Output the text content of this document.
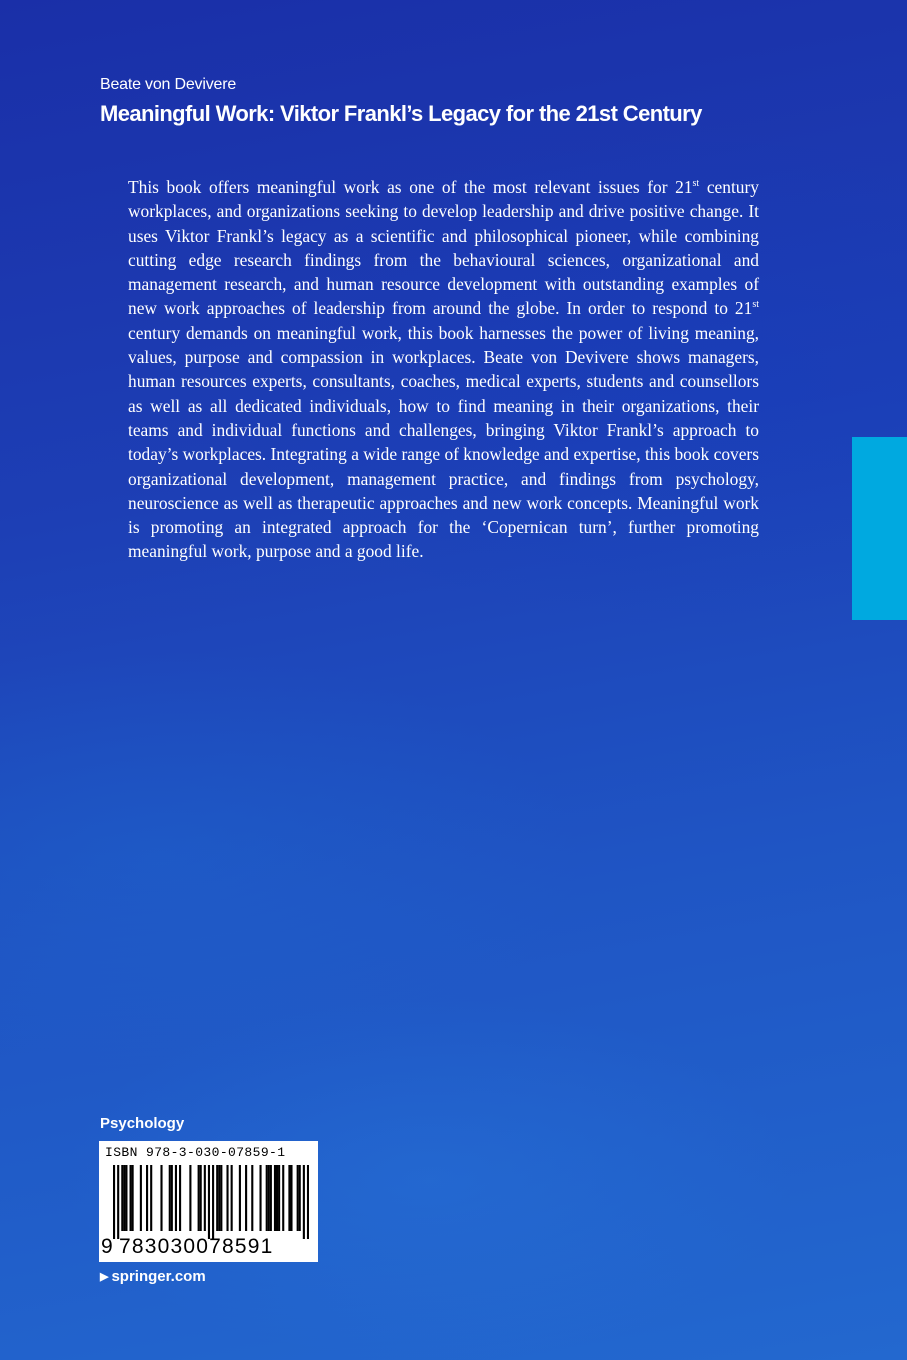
Beate von Devivere
Meaningful Work: Viktor Frankl’s Legacy for the 21st Century

This book offers meaningful work as one of the most relevant issues for 21st century workplaces, and organizations seeking to develop leadership and drive positive change. It uses Viktor Frankl’s legacy as a scientific and philosophical pioneer, while combining cutting edge research findings from the behavioural sciences, organizational and management research, and human resource development with outstanding examples of new work approaches of leadership from around the globe. In order to respond to 21st century demands on meaningful work, this book harnesses the power of living meaning, values, purpose and compassion in workplaces. Beate von Devivere shows managers, human resources experts, consultants, coaches, medical experts, students and counsellors as well as all dedicated individuals, how to find meaning in their organizations, their teams and individual functions and challenges, bringing Viktor Frankl’s approach to today’s workplaces. Integrating a wide range of knowledge and expertise, this book covers organizational development, management practice, and findings from psychology, neuroscience as well as therapeutic approaches and new work concepts. Meaningful work is promoting an integrated approach for the ‘Copernican turn’, further promoting meaningful work, purpose and a good life.

Psychology
ISBN 978-3-030-07859-1
9 783030078591
▶ springer.com
